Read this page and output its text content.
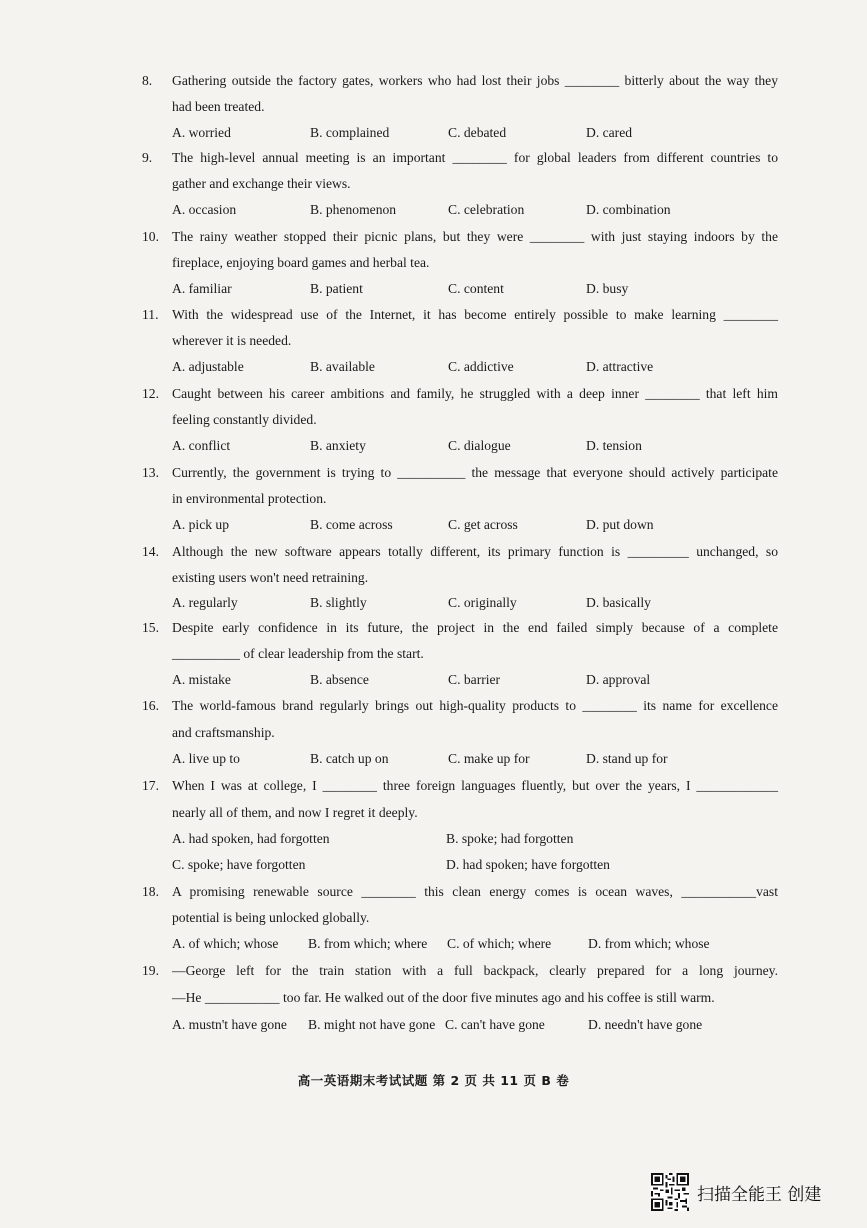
8.	Gathering outside the factory gates, workers who had lost their jobs ________ bitterly about the way they
had been treated.
A. worried	B. complained	C. debated	D. cared
9.	The high-level annual meeting is an important ________ for global leaders from different countries to
gather and exchange their views.
A. occasion	B. phenomenon	C. celebration	D. combination
10. The rainy weather stopped their picnic plans, but they were ________ with just staying indoors by the
fireplace, enjoying board games and herbal tea.
A. familiar	B. patient	C. content	D. busy
11. With the widespread use of the Internet, it has become entirely possible to make learning ________
wherever it is needed.
A. adjustable	B. available	C. addictive	D. attractive
12. Caught between his career ambitions and family, he struggled with a deep inner ________ that left him
feeling constantly divided.
A. conflict	B. anxiety	C. dialogue	D. tension
13. Currently, the government is trying to __________ the message that everyone should actively participate
in environmental protection.
A. pick up	B. come across	C. get across	D. put down
14. Although the new software appears totally different, its primary function is _________ unchanged, so
existing users won't need retraining.
A. regularly	B. slightly	C. originally	D. basically
15. Despite early confidence in its future, the project in the end failed simply because of a complete
__________ of clear leadership from the start.
A. mistake	B. absence	C. barrier	D. approval
16. The world-famous brand regularly brings out high-quality products to ________ its name for excellence
and craftsmanship.
A. live up to	B. catch up on	C. make up for	D. stand up for
17. When I was at college, I ________ three foreign languages fluently, but over the years, I ____________
nearly all of them, and now I regret it deeply.
A. had spoken, had forgotten	B. spoke; had forgotten
C. spoke; have forgotten	D. had spoken; have forgotten
18. A promising renewable source ________ this clean energy comes is ocean waves, ___________vast
potential is being unlocked globally.
A. of which; whose B. from which; where C. of which; where	D. from which; whose
19. —George left for the train station with a full backpack, clearly prepared for a long journey.
—He ___________ too far. He walked out of the door five minutes ago and his coffee is still warm.
A. mustn't have gone B. might not have gone C. can't have gone	D. needn't have gone
高一英语期末考试试题 第 2 页 共 11 页 B 卷
扫描全能王 创建
